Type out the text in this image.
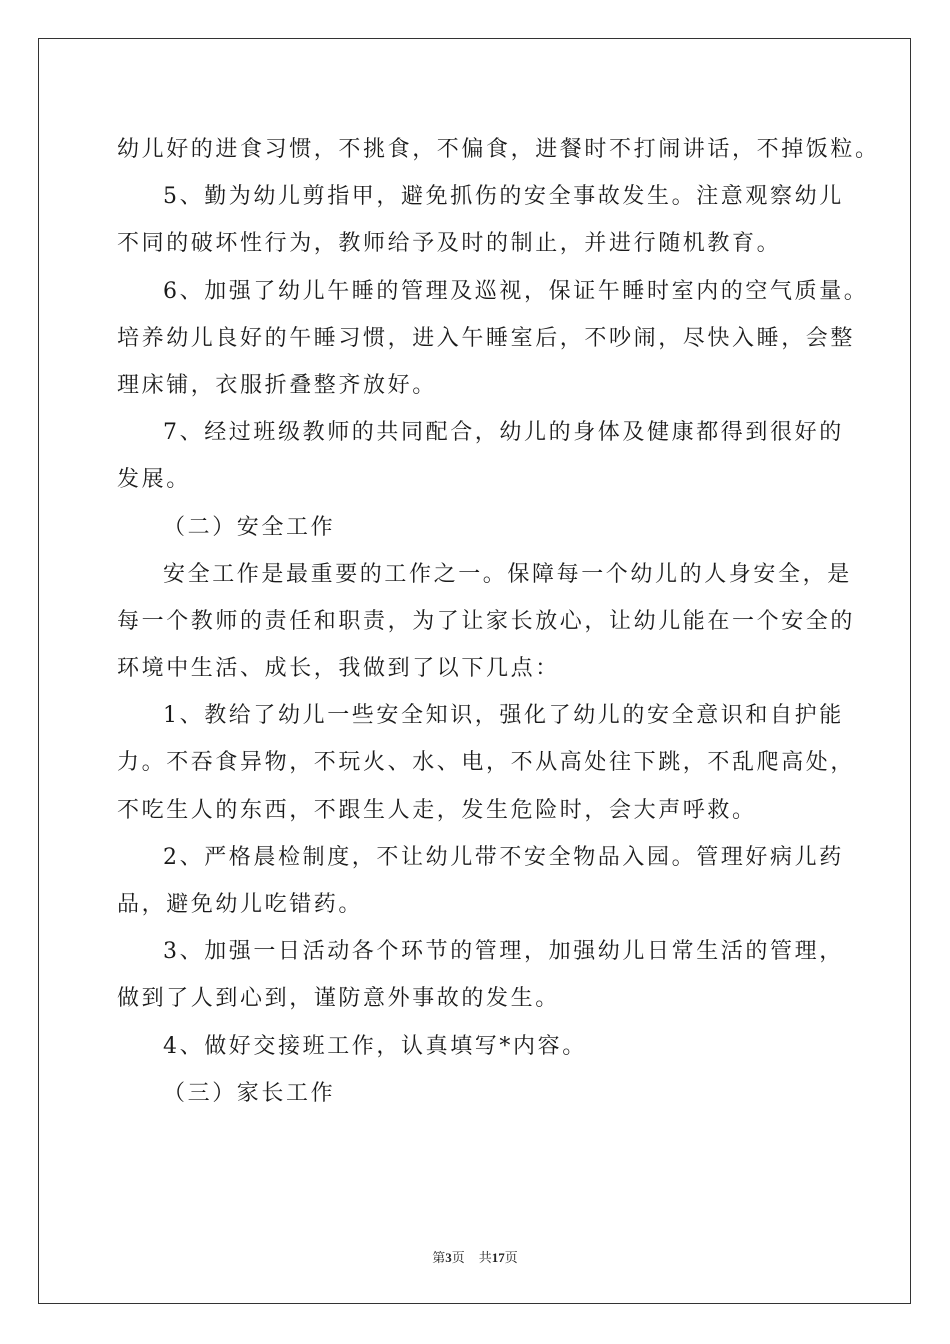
幼儿好的进食习惯，不挑食，不偏食，进餐时不打闹讲话，不掉饭粒。
5、勤为幼儿剪指甲，避免抓伤的安全事故发生。注意观察幼儿
不同的破坏性行为，教师给予及时的制止，并进行随机教育。
6、加强了幼儿午睡的管理及巡视，保证午睡时室内的空气质量。
培养幼儿良好的午睡习惯，进入午睡室后，不吵闹，尽快入睡，会整
理床铺，衣服折叠整齐放好。
7、经过班级教师的共同配合，幼儿的身体及健康都得到很好的
发展。
（二）安全工作
安全工作是最重要的工作之一。保障每一个幼儿的人身安全，是
每一个教师的责任和职责，为了让家长放心，让幼儿能在一个安全的
环境中生活、成长，我做到了以下几点：
1、教给了幼儿一些安全知识，强化了幼儿的安全意识和自护能
力。不吞食异物，不玩火、水、电，不从高处往下跳，不乱爬高处，
不吃生人的东西，不跟生人走，发生危险时，会大声呼救。
2、严格晨检制度，不让幼儿带不安全物品入园。管理好病儿药
品，避免幼儿吃错药。
3、加强一日活动各个环节的管理，加强幼儿日常生活的管理，
做到了人到心到，谨防意外事故的发生。
4、做好交接班工作，认真填写*内容。
（三）家长工作
第3页 共17页
